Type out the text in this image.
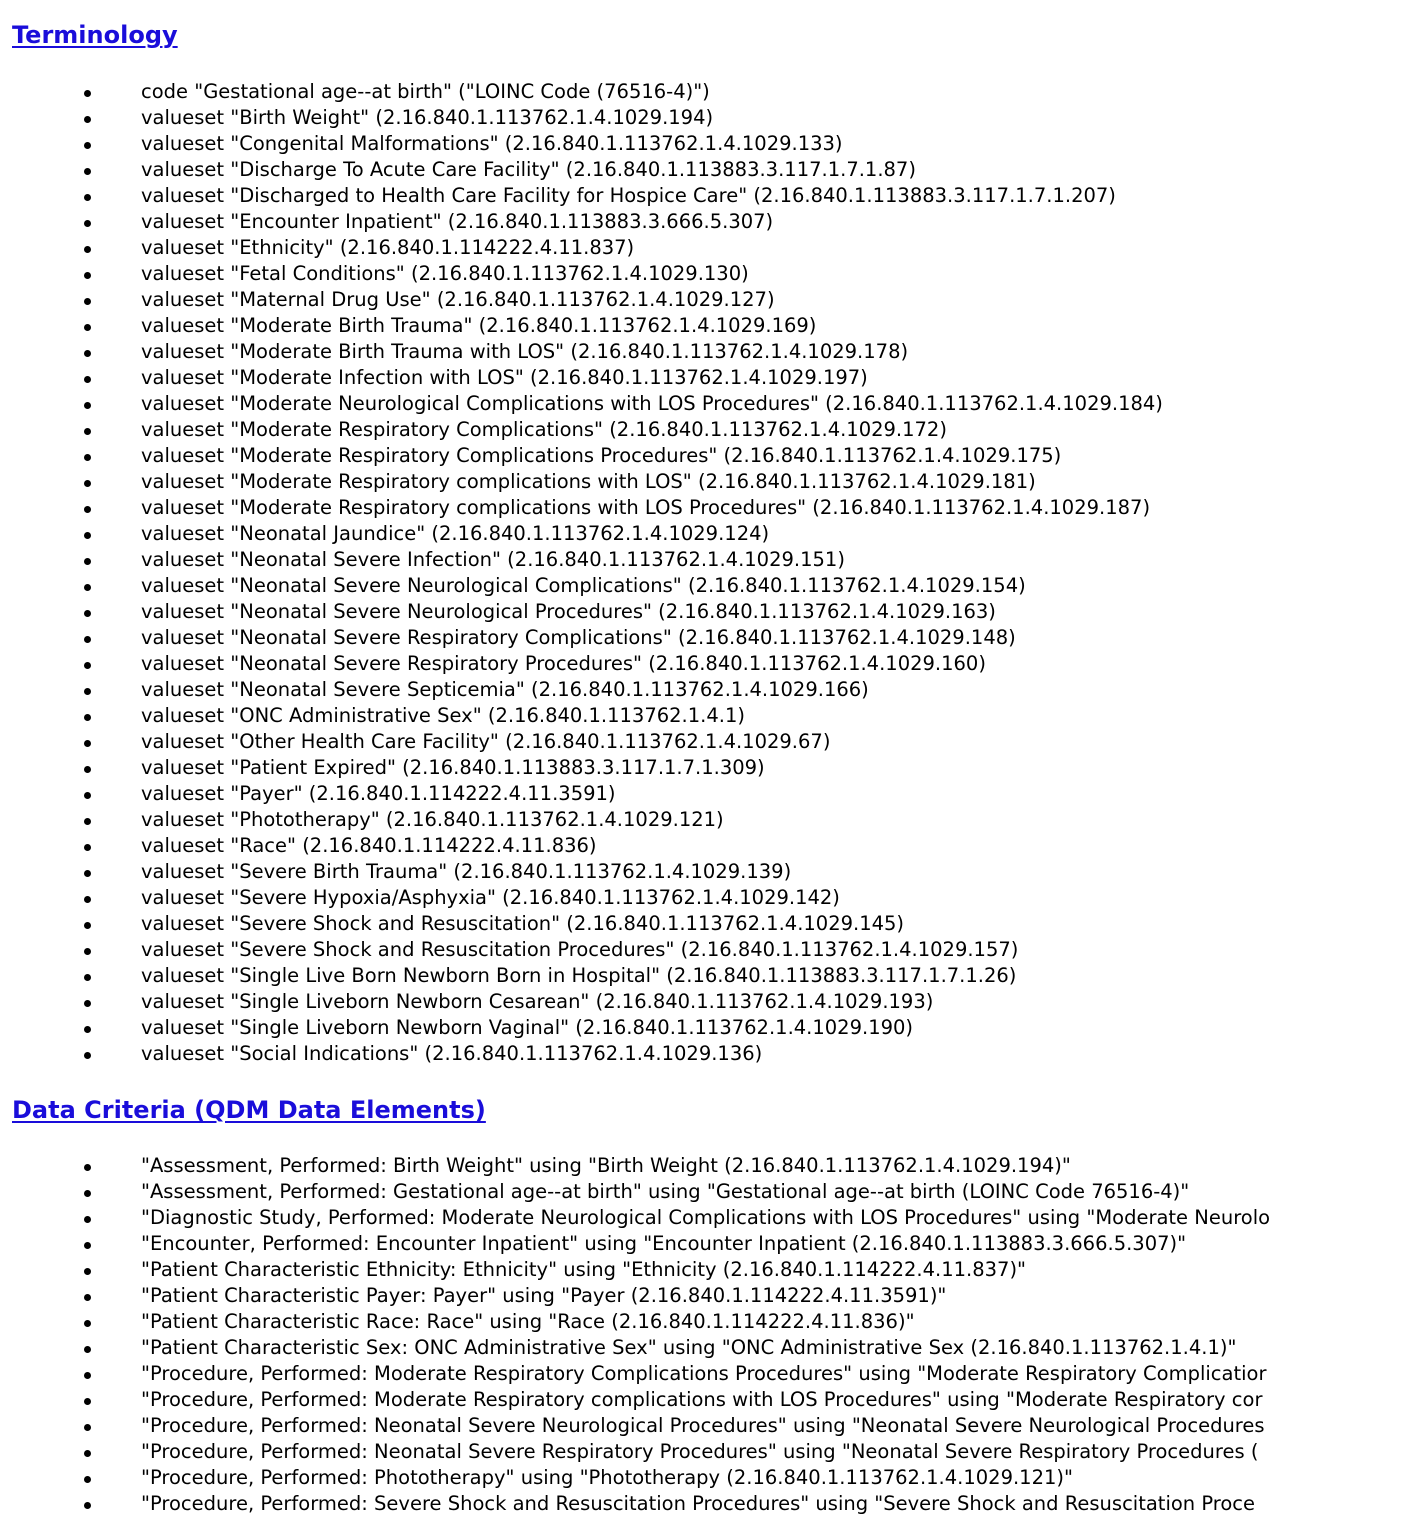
Terminology
code "Gestational age--at birth" ("LOINC Code (76516-4)")
valueset "Birth Weight" (2.16.840.1.113762.1.4.1029.194)
valueset "Congenital Malformations" (2.16.840.1.113762.1.4.1029.133)
valueset "Discharge To Acute Care Facility" (2.16.840.1.113883.3.117.1.7.1.87)
valueset "Discharged to Health Care Facility for Hospice Care" (2.16.840.1.113883.3.117.1.7.1.207)
valueset "Encounter Inpatient" (2.16.840.1.113883.3.666.5.307)
valueset "Ethnicity" (2.16.840.1.114222.4.11.837)
valueset "Fetal Conditions" (2.16.840.1.113762.1.4.1029.130)
valueset "Maternal Drug Use" (2.16.840.1.113762.1.4.1029.127)
valueset "Moderate Birth Trauma" (2.16.840.1.113762.1.4.1029.169)
valueset "Moderate Birth Trauma with LOS" (2.16.840.1.113762.1.4.1029.178)
valueset "Moderate Infection with LOS" (2.16.840.1.113762.1.4.1029.197)
valueset "Moderate Neurological Complications with LOS Procedures" (2.16.840.1.113762.1.4.1029.184)
valueset "Moderate Respiratory Complications" (2.16.840.1.113762.1.4.1029.172)
valueset "Moderate Respiratory Complications Procedures" (2.16.840.1.113762.1.4.1029.175)
valueset "Moderate Respiratory complications with LOS" (2.16.840.1.113762.1.4.1029.181)
valueset "Moderate Respiratory complications with LOS Procedures" (2.16.840.1.113762.1.4.1029.187)
valueset "Neonatal Jaundice" (2.16.840.1.113762.1.4.1029.124)
valueset "Neonatal Severe Infection" (2.16.840.1.113762.1.4.1029.151)
valueset "Neonatal Severe Neurological Complications" (2.16.840.1.113762.1.4.1029.154)
valueset "Neonatal Severe Neurological Procedures" (2.16.840.1.113762.1.4.1029.163)
valueset "Neonatal Severe Respiratory Complications" (2.16.840.1.113762.1.4.1029.148)
valueset "Neonatal Severe Respiratory Procedures" (2.16.840.1.113762.1.4.1029.160)
valueset "Neonatal Severe Septicemia" (2.16.840.1.113762.1.4.1029.166)
valueset "ONC Administrative Sex" (2.16.840.1.113762.1.4.1)
valueset "Other Health Care Facility" (2.16.840.1.113762.1.4.1029.67)
valueset "Patient Expired" (2.16.840.1.113883.3.117.1.7.1.309)
valueset "Payer" (2.16.840.1.114222.4.11.3591)
valueset "Phototherapy" (2.16.840.1.113762.1.4.1029.121)
valueset "Race" (2.16.840.1.114222.4.11.836)
valueset "Severe Birth Trauma" (2.16.840.1.113762.1.4.1029.139)
valueset "Severe Hypoxia/Asphyxia" (2.16.840.1.113762.1.4.1029.142)
valueset "Severe Shock and Resuscitation" (2.16.840.1.113762.1.4.1029.145)
valueset "Severe Shock and Resuscitation Procedures" (2.16.840.1.113762.1.4.1029.157)
valueset "Single Live Born Newborn Born in Hospital" (2.16.840.1.113883.3.117.1.7.1.26)
valueset "Single Liveborn Newborn Cesarean" (2.16.840.1.113762.1.4.1029.193)
valueset "Single Liveborn Newborn Vaginal" (2.16.840.1.113762.1.4.1029.190)
valueset "Social Indications" (2.16.840.1.113762.1.4.1029.136)
Data Criteria (QDM Data Elements)
"Assessment, Performed: Birth Weight" using "Birth Weight (2.16.840.1.113762.1.4.1029.194)"
"Assessment, Performed: Gestational age--at birth" using "Gestational age--at birth (LOINC Code 76516-4)"
"Diagnostic Study, Performed: Moderate Neurological Complications with LOS Procedures" using "Moderate Neurolo
"Encounter, Performed: Encounter Inpatient" using "Encounter Inpatient (2.16.840.1.113883.3.666.5.307)"
"Patient Characteristic Ethnicity: Ethnicity" using "Ethnicity (2.16.840.1.114222.4.11.837)"
"Patient Characteristic Payer: Payer" using "Payer (2.16.840.1.114222.4.11.3591)"
"Patient Characteristic Race: Race" using "Race (2.16.840.1.114222.4.11.836)"
"Patient Characteristic Sex: ONC Administrative Sex" using "ONC Administrative Sex (2.16.840.1.113762.1.4.1)"
"Procedure, Performed: Moderate Respiratory Complications Procedures" using "Moderate Respiratory Complicatior
"Procedure, Performed: Moderate Respiratory complications with LOS Procedures" using "Moderate Respiratory cor
"Procedure, Performed: Neonatal Severe Neurological Procedures" using "Neonatal Severe Neurological Procedures
"Procedure, Performed: Neonatal Severe Respiratory Procedures" using "Neonatal Severe Respiratory Procedures (
"Procedure, Performed: Phototherapy" using "Phototherapy (2.16.840.1.113762.1.4.1029.121)"
"Procedure, Performed: Severe Shock and Resuscitation Procedures" using "Severe Shock and Resuscitation Proce
